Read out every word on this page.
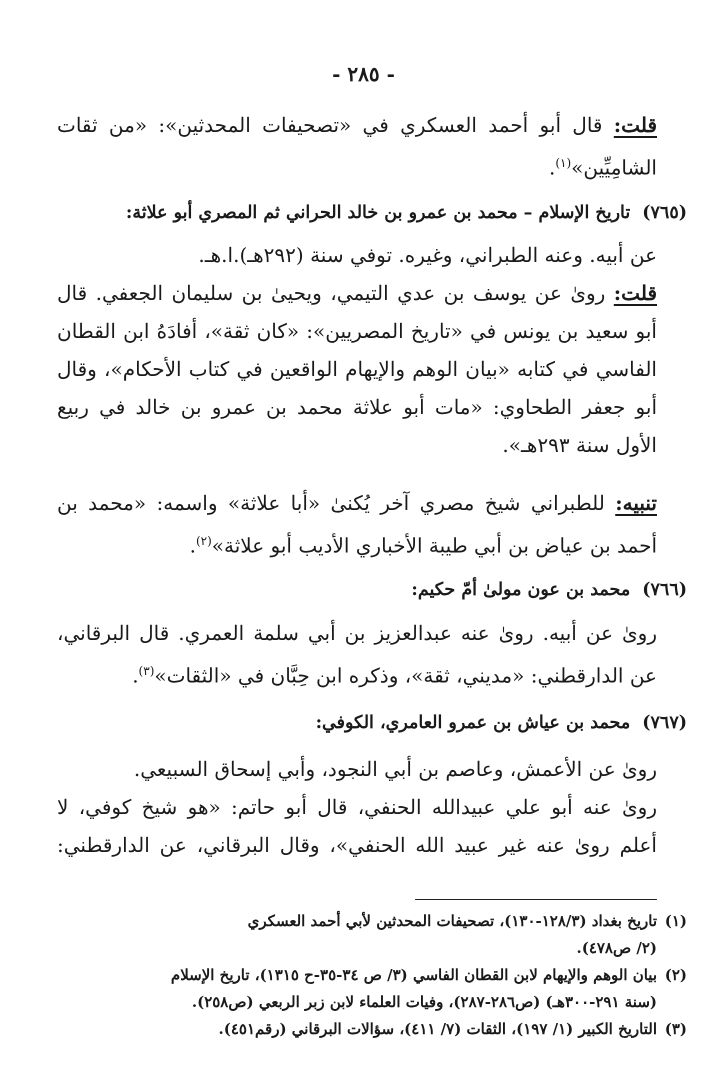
- ٢٨٥ -
قلت: قال أبو أحمد العسكري في «تصحيفات المحدثين»: «من ثقات
الشامِيِّين»$^{(١)}$.
(٧٦٥)تاريخ الإسلام – محمد بن عمرو بن خالد الحراني ثم المصري أبو علاثة:
عن أبيه. وعنه الطبراني، وغيره. توفي سنة (٢٩٢هـ).ا.هـ.
قلت: روىٰ عن يوسف بن عدي التيمي، ويحيىٰ بن سليمان الجعفي. قال
أبو سعيد بن يونس في «تاريخ المصريين»: «كان ثقة»، أفادَهُ ابن القطان
الفاسي في كتابه «بيان الوهم والإيهام الواقعين في كتاب الأحكام»، وقال
أبو جعفر الطحاوي: «مات أبو علاثة محمد بن عمرو بن خالد في ربيع
الأول سنة ٢٩٣هـ».
تنبيه: للطبراني شيخ مصري آخر يُكنىٰ «أبا علاثة» واسمه: «محمد بن
أحمد بن عياض بن أبي طيبة الأخباري الأديب أبو علاثة»$^{(٢)}$.
(٧٦٦)محمد بن عون مولىٰ أمّ حكيم:
روىٰ عن أبيه. روىٰ عنه عبدالعزيز بن أبي سلمة العمري. قال البرقاني،
عن الدارقطني: «مديني، ثقة»، وذكره ابن حِبَّان في «الثقات»$^{(٣)}$.
(٧٦٧)محمد بن عياش بن عمرو العامري، الكوفي:
روىٰ عن الأعمش، وعاصم بن أبي النجود، وأبي إسحاق السبيعي.
روىٰ عنه أبو علي عبيدالله الحنفي، قال أبو حاتم: «هو شيخ كوفي، لا
أعلم روىٰ عنه غير عبيد الله الحنفي»، وقال البرقاني، عن الدارقطني:
(١)
تاريخ بغداد (١٢٨/٣-١٣٠)، تصحيفات المحدثين لأبي أحمد العسكري
(٢/ ص٤٧٨).
(٢)
بيان الوهم والإيهام لابن القطان الفاسي (٣/ ص ٣٤-٣٥-ح ١٣١٥)، تاريخ الإسلام
(سنة ٢٩١-٣٠٠هـ) (ص٢٨٦-٢٨٧)، وفيات العلماء لابن زبر الربعي (ص٢٥٨).
(٣)
التاريخ الكبير (١/ ١٩٧)، الثقات (٧/ ٤١١)، سؤالات البرقاني (رقم٤٥١).
